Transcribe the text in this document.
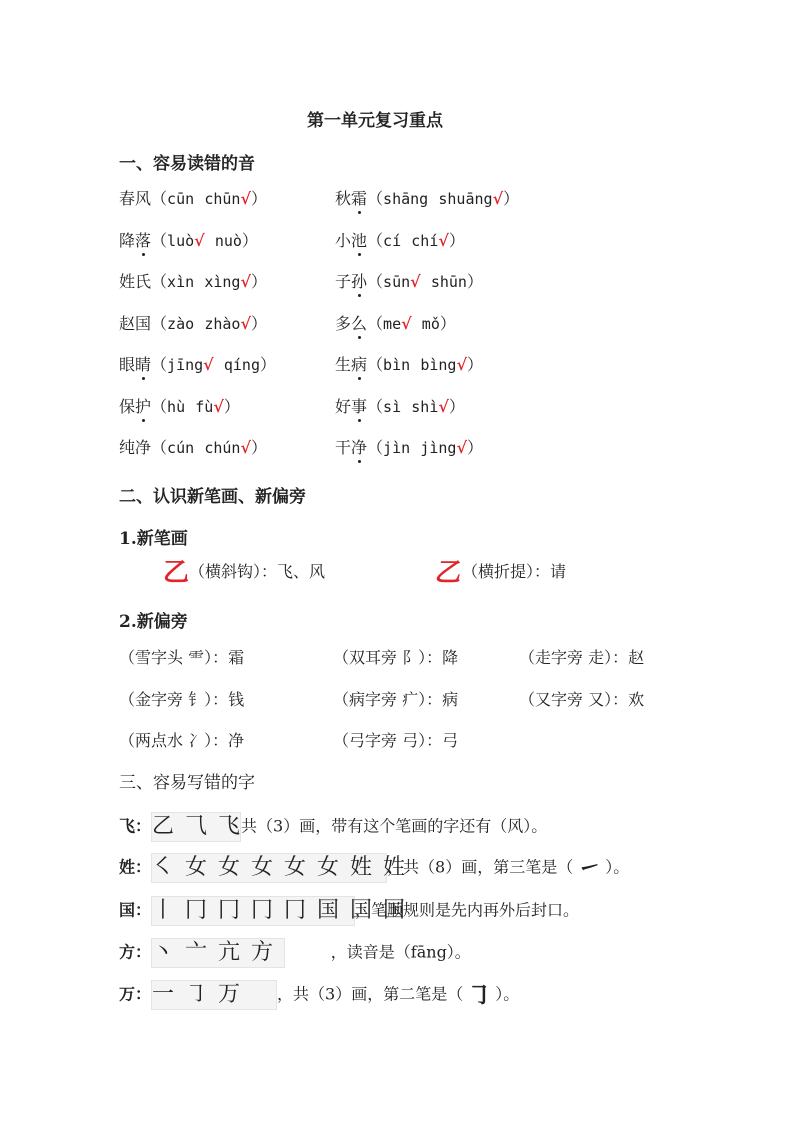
第一单元复习重点
一、容易读错的音
春风（cūn chūn√）	秋霜（shāng shuāng√）
降落（luò√ nuò）	小池（cí chí√）
姓氏（xìn xìng√）	子孙（sūn√ shūn）
赵国（zào zhào√）	多么（me√ mǒ）
眼睛（jīng√ qíng）	生病（bìn bìng√）
保护（hù fù√）	好事（sì shì√）
纯净（cún chún√）	干净（jìn jìng√）
二、认识新笔画、新偏旁
1.新笔画
乙（横斜钩）：飞、风	乙（横折提）：请
2.新偏旁
（雪字头 ⻗）：霜	（双耳旁 阝）：降	（走字旁 走）：赵
（金字旁 钅）：钱	（病字旁 疒）：病	（又字旁 又）：欢
（两点水 冫）：净	（弓字旁 弓）：弓
三、容易写错的字
飞：乙 ⺄ 飞共（3）画，带有这个笔画的字还有（风）。
姓：㇛ 女 女 女 女 女 姓 姓，共（8）画，第三笔是（ ㇀ ）。
国：丨 冂 冂 冂 冂 国 国 国，笔顺规则是先内再外后封口。
方：丶 亠 亢 方	，读音是（fāng）。
万：一 ㇆ 万 ，共（3）画，第二笔是（ ㇆ ）。
